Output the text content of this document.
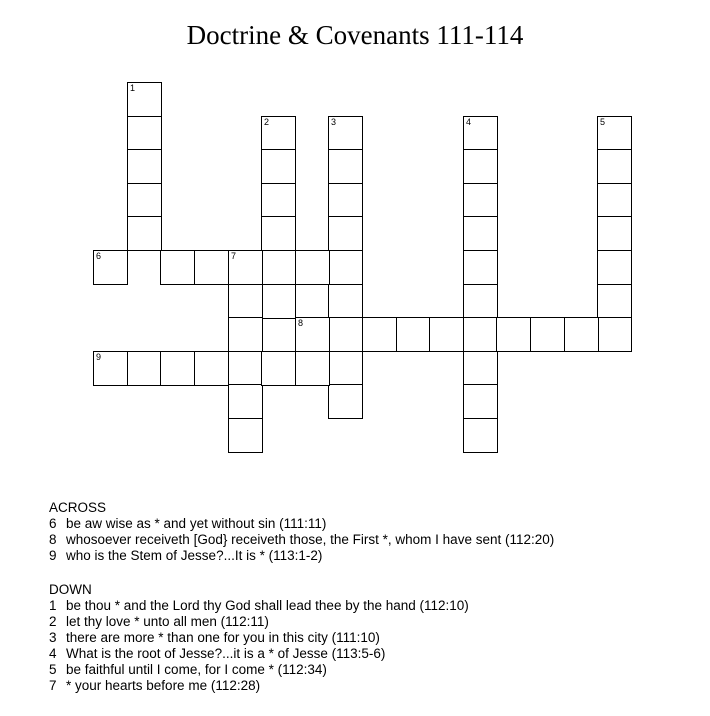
Doctrine & Covenants 111-114
1
2	3	4	5
6	7
8
9
ACROSS
6 be aw wise as * and yet without sin (111:11)
8 whosoever receiveth [God} receiveth those, the First *, whom I have sent (112:20)
9 who is the Stem of Jesse?...It is * (113:1-2)
DOWN
1 be thou * and the Lord thy God shall lead thee by the hand (112:10)
2 let thy love * unto all men (112:11)
3 there are more * than one for you in this city (111:10)
4 What is the root of Jesse?...it is a * of Jesse (113:5-6)
5 be faithful until I come, for I come * (112:34)
7 * your hearts before me (112:28)
